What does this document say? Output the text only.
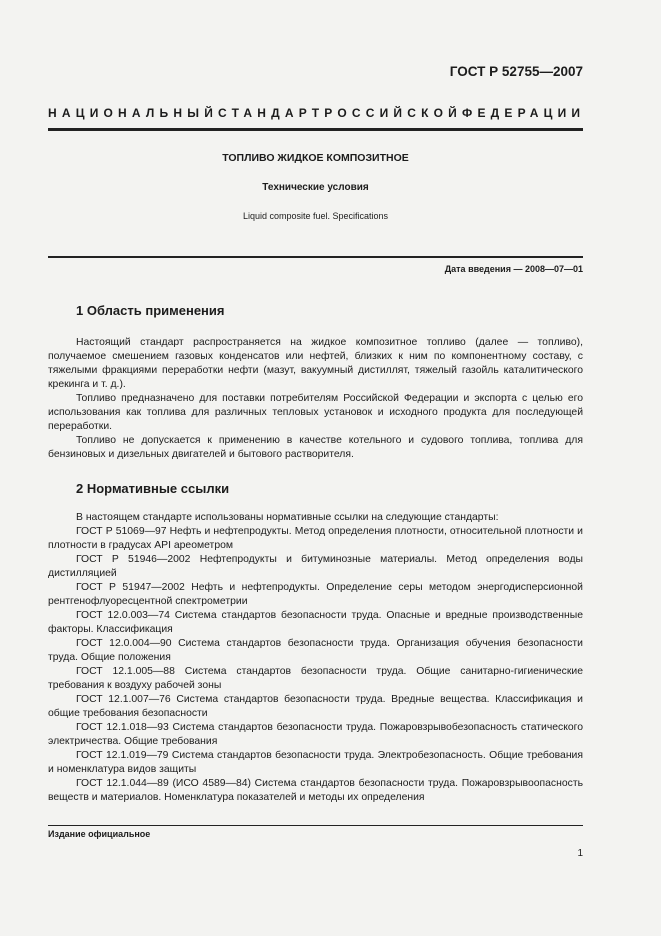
ГОСТ Р 52755—2007
НАЦИОНАЛЬНЫЙ СТАНДАРТ РОССИЙСКОЙ ФЕДЕРАЦИИ
ТОПЛИВО ЖИДКОЕ КОМПОЗИТНОЕ
Технические условия
Liquid composite fuel. Specifications
Дата введения — 2008—07—01
1 Область применения

Настоящий стандарт распространяется на жидкое композитное топливо (далее — топливо), получаемое смешением газовых конденсатов или нефтей, близких к ним по компонентному составу, с тяжелыми фракциями переработки нефти (мазут, вакуумный дистиллят, тяжелый газойль каталитического крекинга и т. д.).

Топливо предназначено для поставки потребителям Российской Федерации и экспорта с целью его использования как топлива для различных тепловых установок и исходного продукта для последующей переработки.

Топливо не допускается к применению в качестве котельного и судового топлива, топлива для бензиновых и дизельных двигателей и бытового растворителя.

2 Нормативные ссылки

В настоящем стандарте использованы нормативные ссылки на следующие стандарты:

ГОСТ Р 51069—97 Нефть и нефтепродукты. Метод определения плотности, относительной плотности и плотности в градусах API ареометром

ГОСТ Р 51946—2002 Нефтепродукты и битуминозные материалы. Метод определения воды дистилляцией

ГОСТ Р 51947—2002 Нефть и нефтепродукты. Определение серы методом энергодисперсионной рентгенофлуоресцентной спектрометрии

ГОСТ 12.0.003—74 Система стандартов безопасности труда. Опасные и вредные производственные факторы. Классификация

ГОСТ 12.0.004—90 Система стандартов безопасности труда. Организация обучения безопасности труда. Общие положения

ГОСТ 12.1.005—88 Система стандартов безопасности труда. Общие санитарно-гигиенические требования к воздуху рабочей зоны

ГОСТ 12.1.007—76 Система стандартов безопасности труда. Вредные вещества. Классификация и общие требования безопасности

ГОСТ 12.1.018—93 Система стандартов безопасности труда. Пожаровзрывобезопасность статического электричества. Общие требования

ГОСТ 12.1.019—79 Система стандартов безопасности труда. Электробезопасность. Общие требования и номенклатура видов защиты

ГОСТ 12.1.044—89 (ИСО 4589—84) Система стандартов безопасности труда. Пожаровзрывоопасность веществ и материалов. Номенклатура показателей и методы их определения

Издание официальное
1
